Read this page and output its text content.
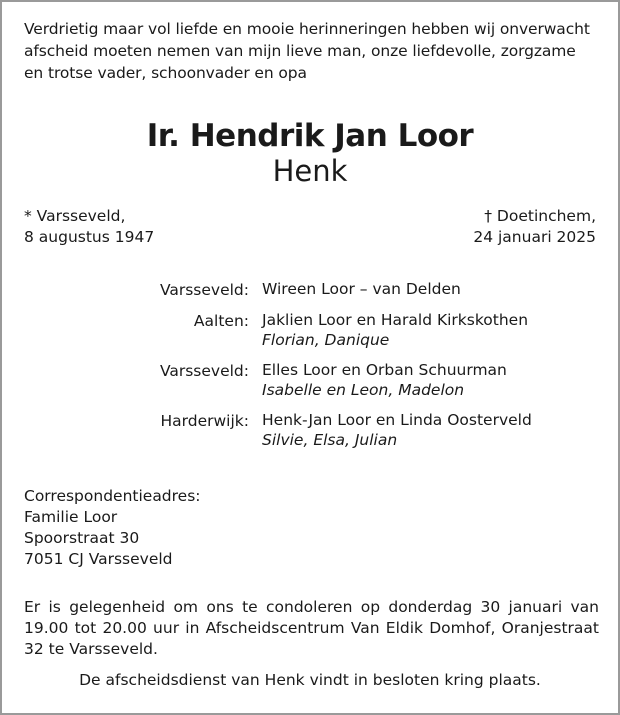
Verdrietig maar vol liefde en mooie herinneringen hebben wij onverwacht afscheid moeten nemen van mijn lieve man, onze liefdevolle, zorgzame en trotse vader, schoonvader en opa
Ir. Hendrik Jan Loor
Henk
* Varsseveld,
8 augustus 1947
† Doetinchem,
24 januari 2025
Varsseveld: Wireen Loor – van Delden
Aalten: Jaklien Loor en Harald Kirkskothen
Florian, Danique
Varsseveld: Elles Loor en Orban Schuurman
Isabelle en Leon, Madelon
Harderwijk: Henk-Jan Loor en Linda Oosterveld
Silvie, Elsa, Julian
Correspondentieadres:
Familie Loor
Spoorstraat 30
7051 CJ Varsseveld
Er is gelegenheid om ons te condoleren op donderdag 30 januari van 19.00 tot 20.00 uur in Afscheidscentrum Van Eldik Domhof, Oranjestraat 32 te Varsseveld.
De afscheidsdienst van Henk vindt in besloten kring plaats.
